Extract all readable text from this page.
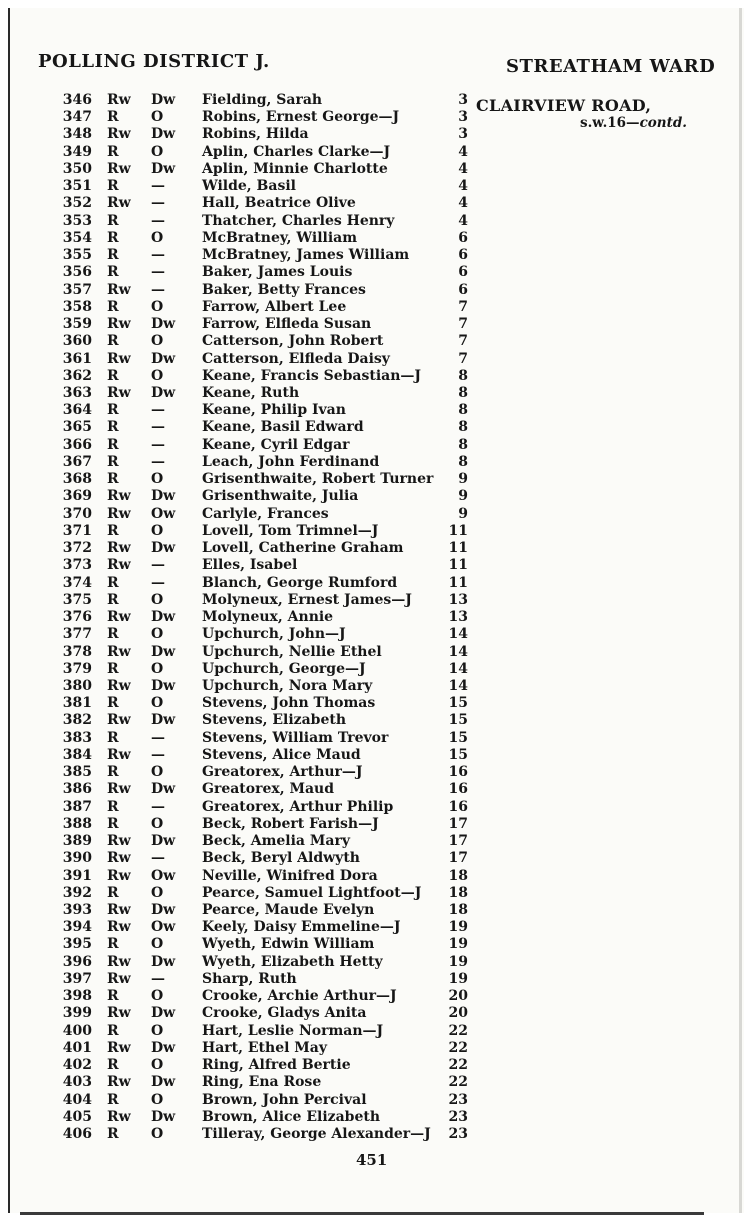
POLLING DISTRICT J.	STREATHAM WARD
CLAIRVIEW ROAD,
s.w.16—contd.
346 Rw Dw Fielding, Sarah	3
347 R O	Robins, Ernest George—J	3
348 Rw Dw Robins, Hilda	3
349 R O	Aplin, Charles Clarke—J	4
350 Rw Dw Aplin, Minnie Charlotte	4
351 R —	Wilde, Basil	4
352 Rw —	Hall, Beatrice Olive	4
353 R —	Thatcher, Charles Henry	4
354 R O	McBratney, William	6
355 R —	McBratney, James William	6
356 R —	Baker, James Louis	6
357 Rw —	Baker, Betty Frances	6
358 R O	Farrow, Albert Lee	7
359 Rw Dw Farrow, Elfleda Susan	7
360 R O	Catterson, John Robert	7
361 Rw Dw Catterson, Elfleda Daisy	7
362 R O	Keane, Francis Sebastian—J	8
363 Rw Dw Keane, Ruth	8
364 R —	Keane, Philip Ivan	8
365 R —	Keane, Basil Edward	8
366 R —	Keane, Cyril Edgar	8
367 R —	Leach, John Ferdinand	8
368 R O	Grisenthwaite, Robert Turner	9
369 Rw Dw Grisenthwaite, Julia	9
370 Rw Ow Carlyle, Frances	9
371 R O	Lovell, Tom Trimnel—J	11
372 Rw Dw Lovell, Catherine Graham	11
373 Rw —	Elles, Isabel	11
374 R —	Blanch, George Rumford	11
375 R O	Molyneux, Ernest James—J	13
376 Rw Dw Molyneux, Annie	13
377 R O	Upchurch, John—J	14
378 Rw Dw Upchurch, Nellie Ethel	14
379 R O	Upchurch, George—J	14
380 Rw Dw Upchurch, Nora Mary	14
381 R O	Stevens, John Thomas	15
382 Rw Dw Stevens, Elizabeth	15
383 R —	Stevens, William Trevor	15
384 Rw —	Stevens, Alice Maud	15
385 R O	Greatorex, Arthur—J	16
386 Rw Dw Greatorex, Maud	16
387 R —	Greatorex, Arthur Philip	16
388 R O	Beck, Robert Farish—J	17
389 Rw Dw Beck, Amelia Mary	17
390 Rw —	Beck, Beryl Aldwyth	17
391 Rw Ow Neville, Winifred Dora	18
392 R O	Pearce, Samuel Lightfoot—J	18
393 Rw Dw Pearce, Maude Evelyn	18
394 Rw Ow Keely, Daisy Emmeline—J	19
395 R O	Wyeth, Edwin William	19
396 Rw Dw Wyeth, Elizabeth Hetty	19
397 Rw —	Sharp, Ruth	19
398 R O	Crooke, Archie Arthur—J	20
399 Rw Dw Crooke, Gladys Anita	20
400 R O	Hart, Leslie Norman—J	22
401 Rw Dw Hart, Ethel May	22
402 R O	Ring, Alfred Bertie	22
403 Rw Dw Ring, Ena Rose	22
404 R O	Brown, John Percival	23
405 Rw Dw Brown, Alice Elizabeth	23
406 R O	Tilleray, George Alexander—J	23
451
